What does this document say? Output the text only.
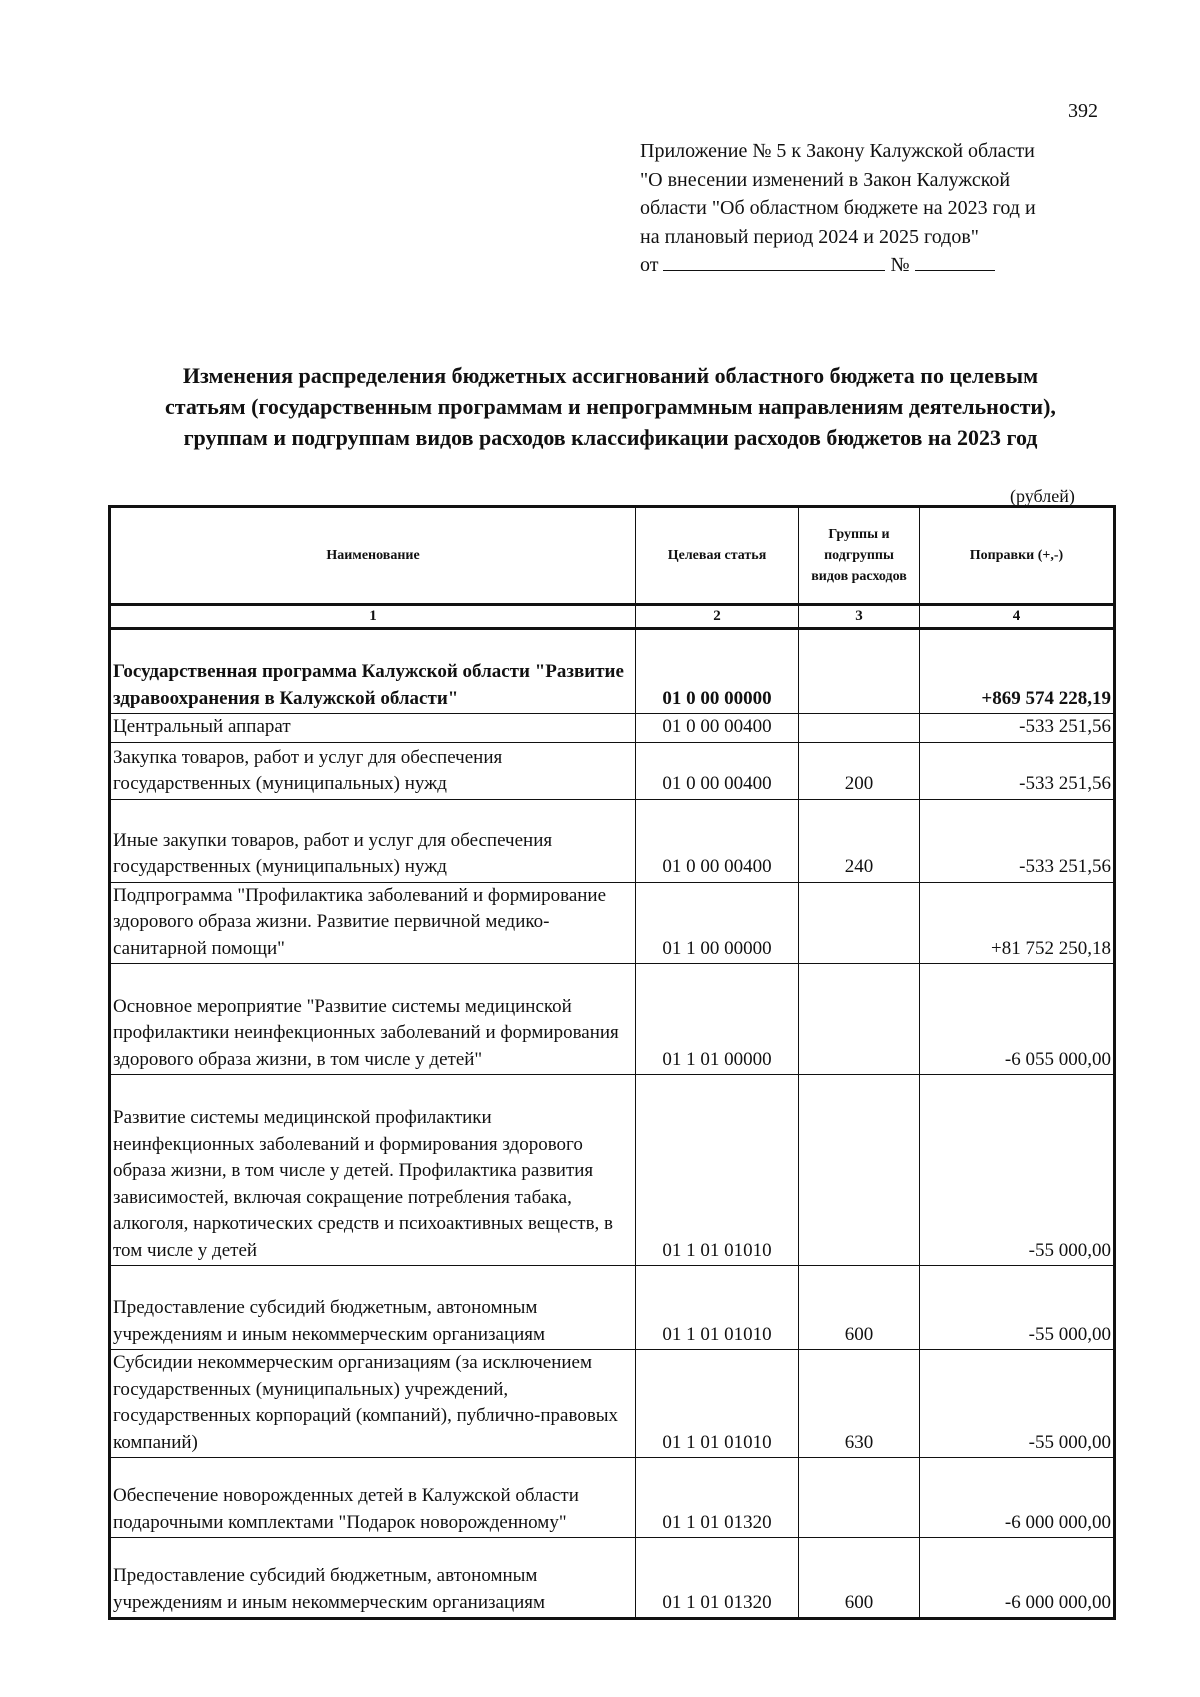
392
Приложение № 5 к Закону Калужской области
"О внесении изменений в Закон Калужской
области "Об областном бюджете на 2023 год и
на плановый период 2024 и 2025 годов"
от	№
Изменения распределения бюджетных ассигнований областного бюджета по целевым
статьям (государственным программам и непрограммным направлениям деятельности),
группам и подгруппам видов расходов классификации расходов бюджетов на 2023 год
(рублей)
Наименование	Целевая статья	Группы и подгруппы видов расходов	Поправки (+,-)
1	2	3	4
Государственная программа Калужской области "Развитие здравоохранения в Калужской области"	01 0 00 00000		+869 574 228,19
Центральный аппарат	01 0 00 00400		-533 251,56
Закупка товаров, работ и услуг для обеспечения государственных (муниципальных) нужд	01 0 00 00400	200	-533 251,56
Иные закупки товаров, работ и услуг для обеспечения государственных (муниципальных) нужд	01 0 00 00400	240	-533 251,56
Подпрограмма "Профилактика заболеваний и формирование здорового образа жизни. Развитие первичной медико-санитарной помощи"	01 1 00 00000		+81 752 250,18
Основное мероприятие "Развитие системы медицинской профилактики неинфекционных заболеваний и формирования здорового образа жизни, в том числе у детей"	01 1 01 00000		-6 055 000,00
Развитие системы медицинской профилактики неинфекционных заболеваний и формирования здорового образа жизни, в том числе у детей. Профилактика развития зависимостей, включая сокращение потребления табака, алкоголя, наркотических средств и психоактивных веществ, в том числе у детей	01 1 01 01010		-55 000,00
Предоставление субсидий бюджетным, автономным учреждениям и иным некоммерческим организациям	01 1 01 01010	600	-55 000,00
Субсидии некоммерческим организациям (за исключением государственных (муниципальных) учреждений, государственных корпораций (компаний), публично-правовых компаний)	01 1 01 01010	630	-55 000,00
Обеспечение новорожденных детей в Калужской области подарочными комплектами "Подарок новорожденному"	01 1 01 01320		-6 000 000,00
Предоставление субсидий бюджетным, автономным учреждениям и иным некоммерческим организациям	01 1 01 01320	600	-6 000 000,00
